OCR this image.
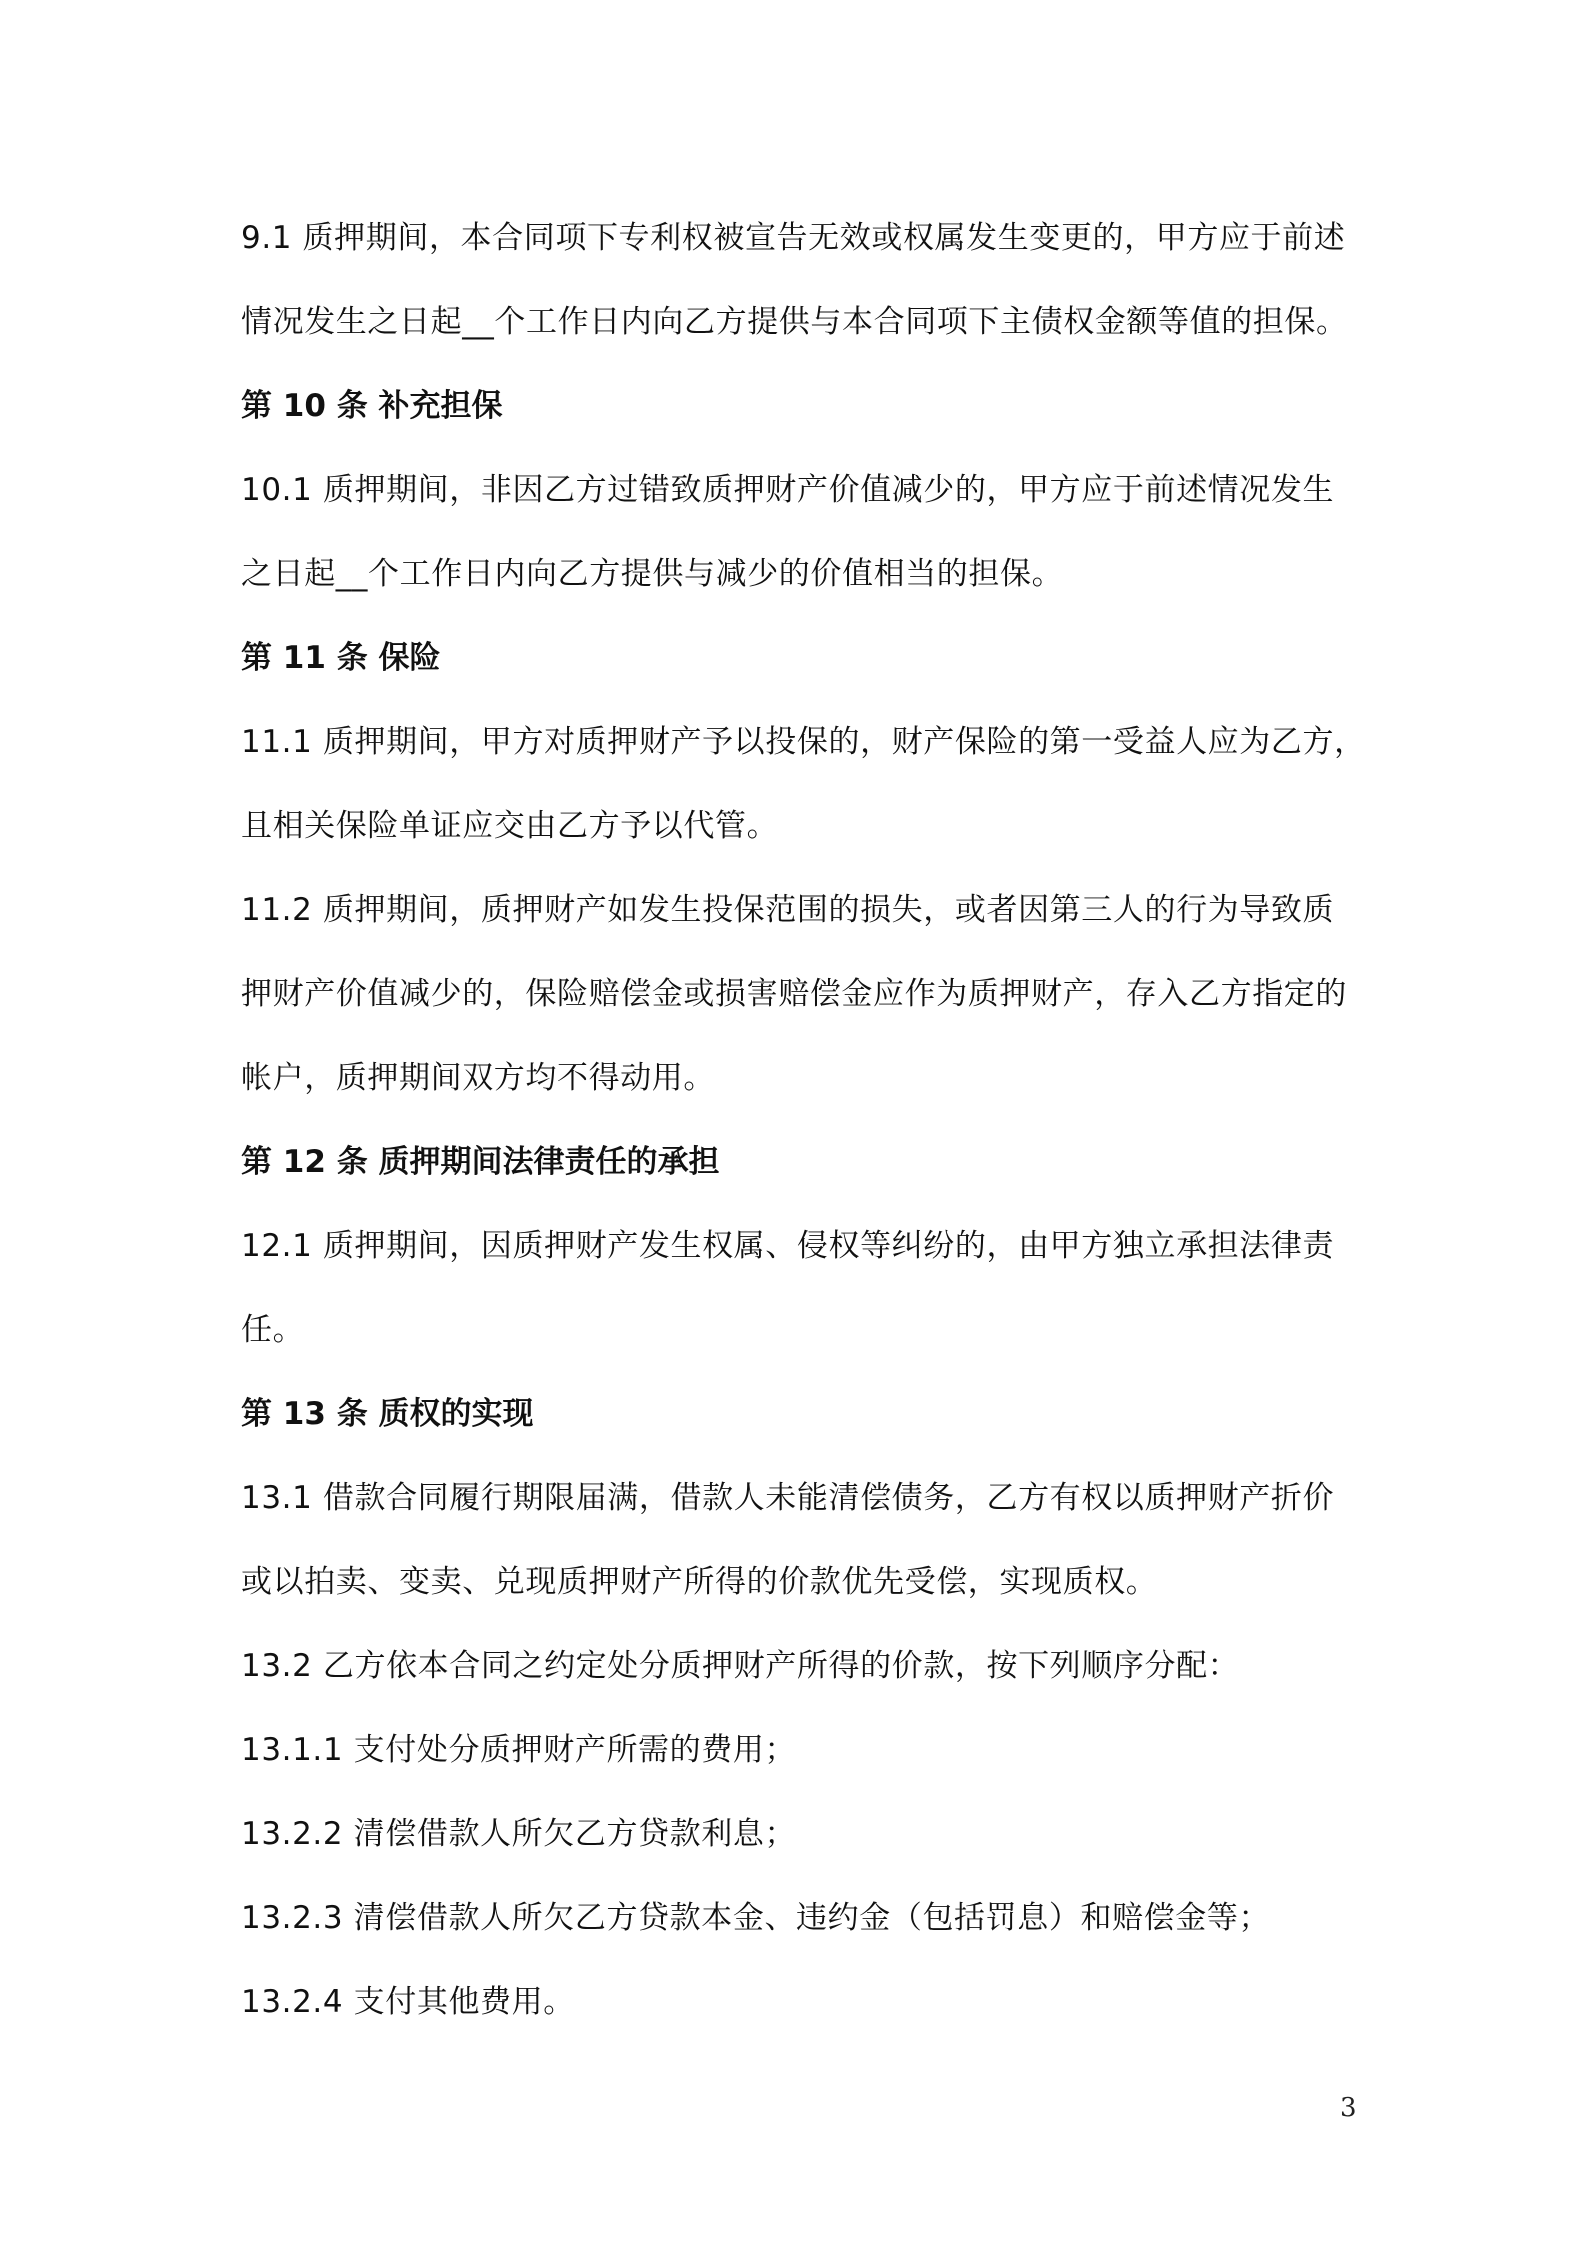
9.1 质押期间，本合同项下专利权被宣告无效或权属发生变更的，甲方应于前述

情况发生之日起__个工作日内向乙方提供与本合同项下主债权金额等值的担保。

第 10 条 补充担保

10.1 质押期间，非因乙方过错致质押财产价值减少的，甲方应于前述情况发生

之日起__个工作日内向乙方提供与减少的价值相当的担保。

第 11 条 保险

11.1 质押期间，甲方对质押财产予以投保的，财产保险的第一受益人应为乙方，

且相关保险单证应交由乙方予以代管。

11.2 质押期间，质押财产如发生投保范围的损失，或者因第三人的行为导致质

押财产价值减少的，保险赔偿金或损害赔偿金应作为质押财产，存入乙方指定的

帐户，质押期间双方均不得动用。

第 12 条 质押期间法律责任的承担

12.1 质押期间，因质押财产发生权属、侵权等纠纷的，由甲方独立承担法律责

任。

第 13 条 质权的实现

13.1 借款合同履行期限届满，借款人未能清偿债务，乙方有权以质押财产折价

或以拍卖、变卖、兑现质押财产所得的价款优先受偿，实现质权。

13.2 乙方依本合同之约定处分质押财产所得的价款，按下列顺序分配：

13.1.1 支付处分质押财产所需的费用；

13.2.2 清偿借款人所欠乙方贷款利息；

13.2.3 清偿借款人所欠乙方贷款本金、违约金（包括罚息）和赔偿金等；

13.2.4 支付其他费用。

3
